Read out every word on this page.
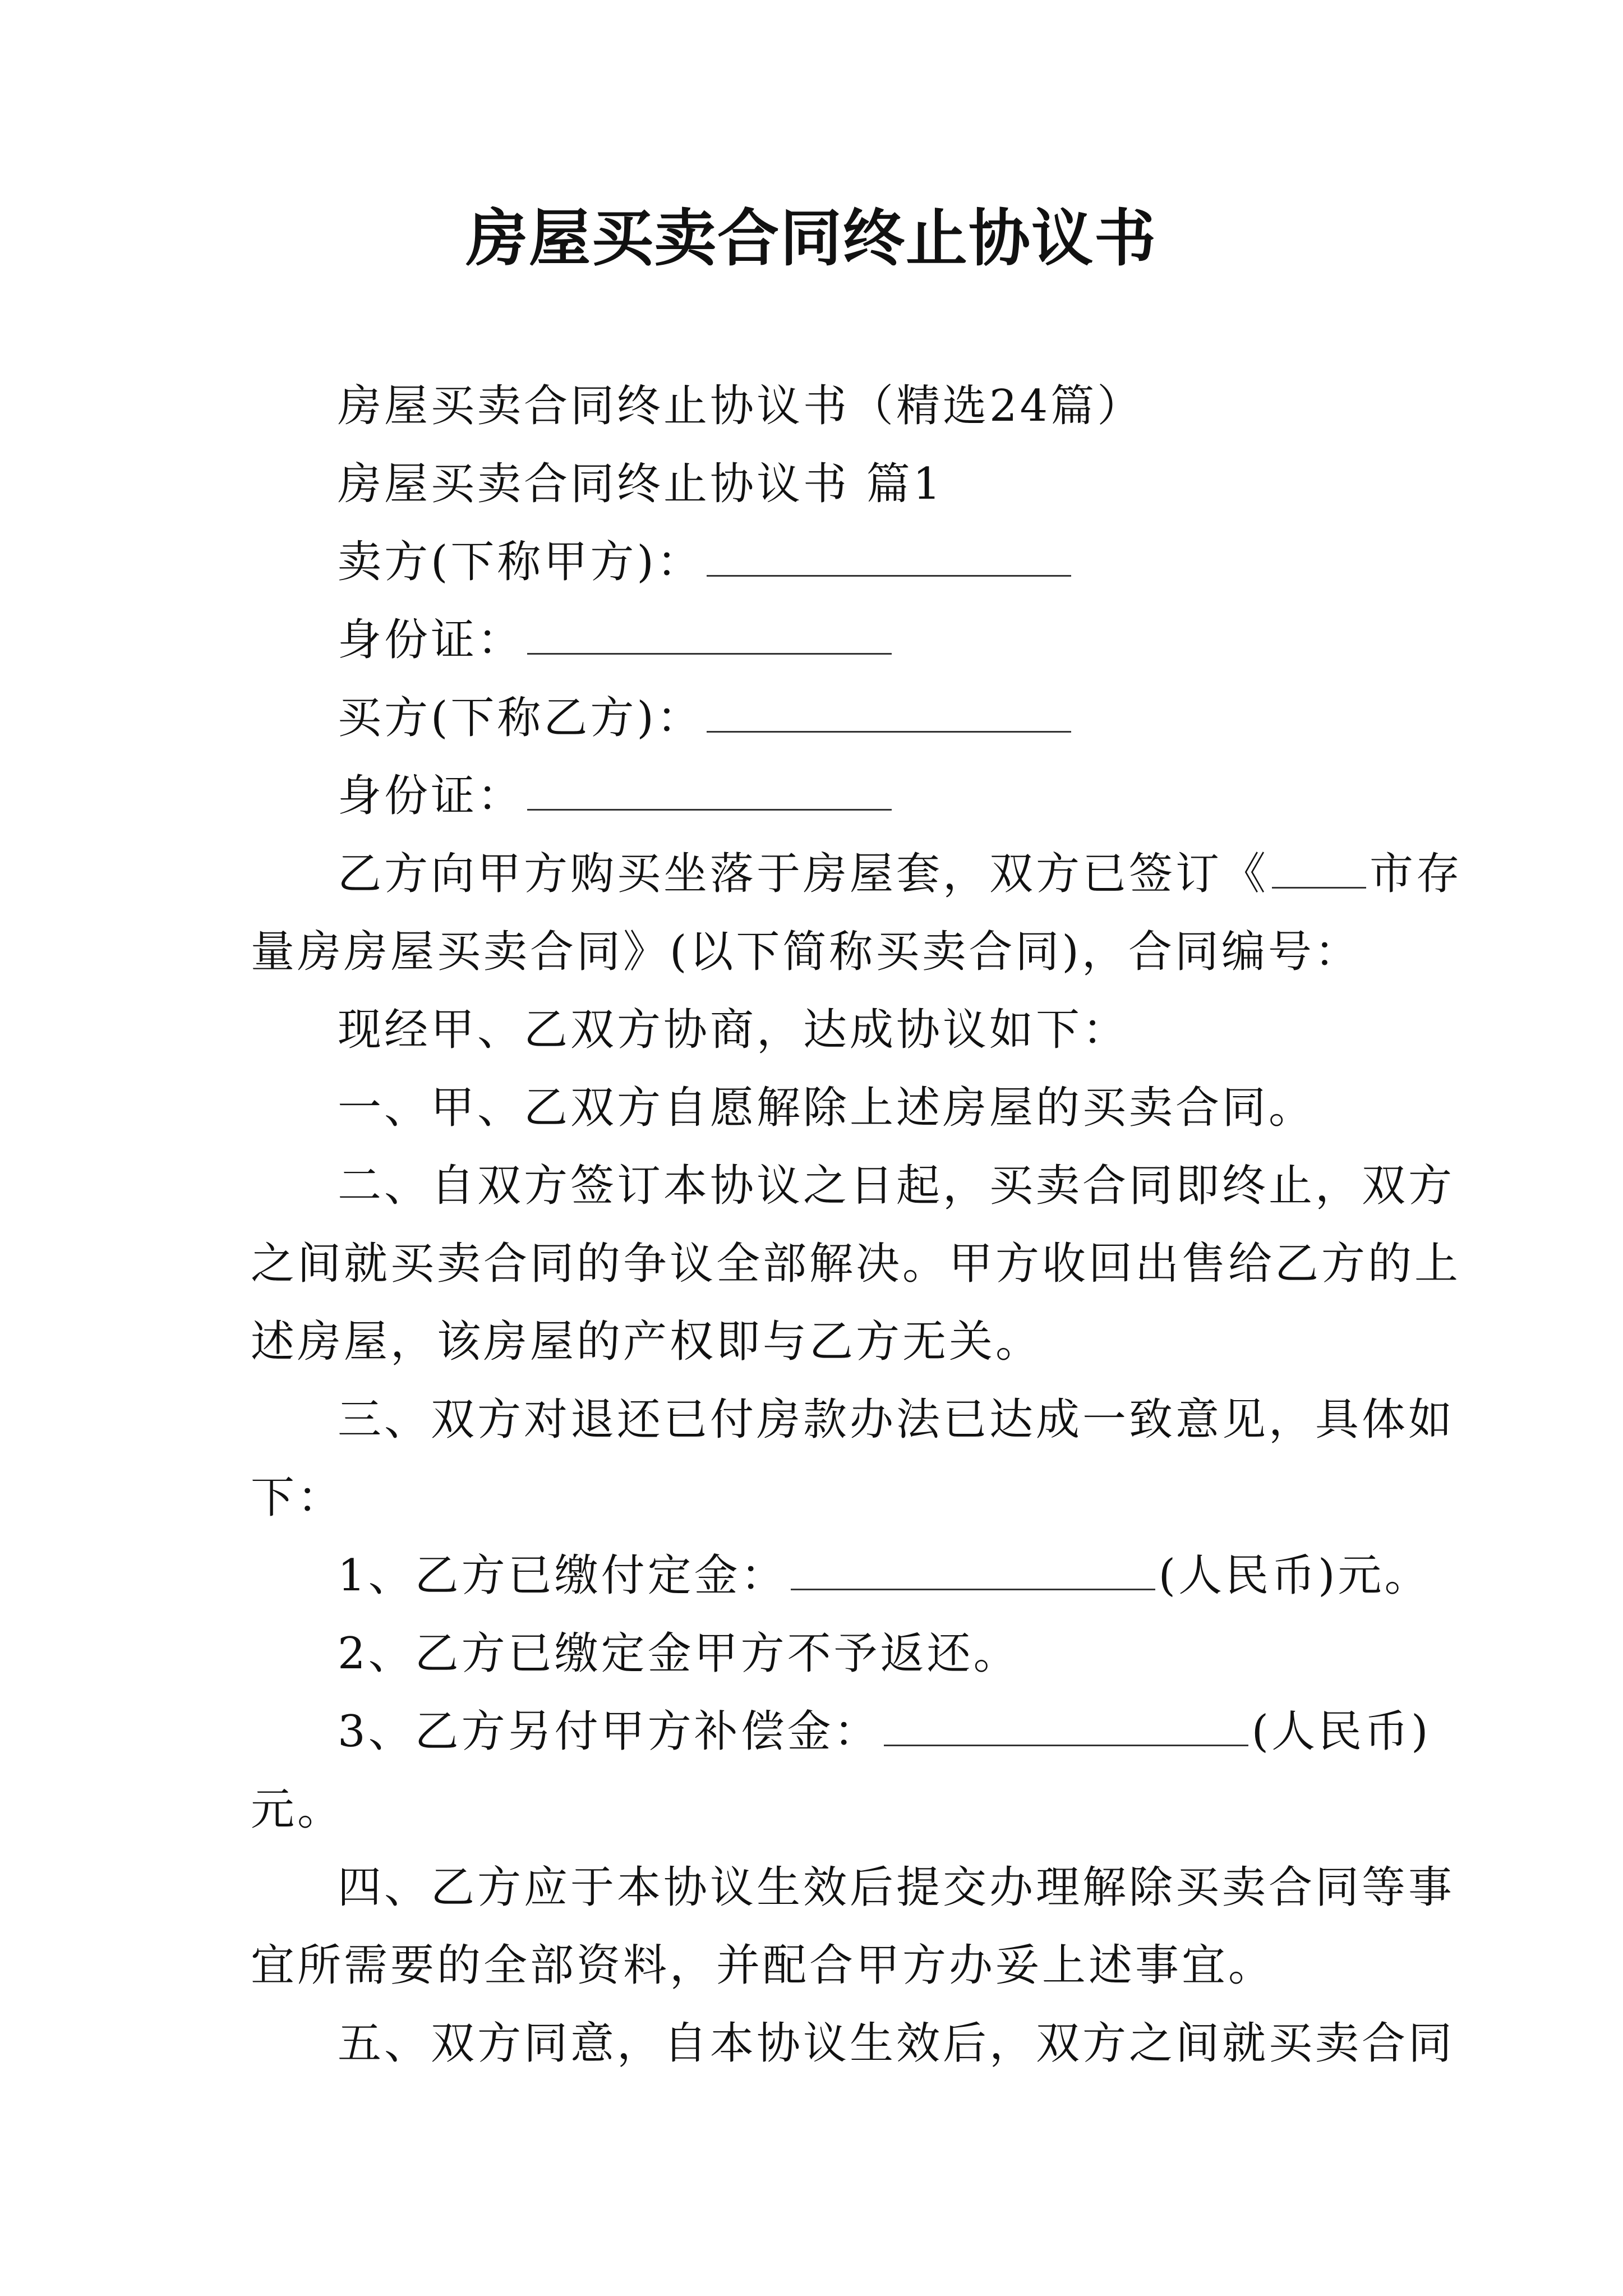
房屋买卖合同终止协议书
房屋买卖合同终止协议书（精选24篇）
房屋买卖合同终止协议书 篇1
卖方(下称甲方)：
身份证：
买方(下称乙方)：
身份证：
乙方向甲方购买坐落于房屋套，双方已签订《 市存
量房房屋买卖合同》(以下简称买卖合同)，合同编号：
现经甲、乙双方协商，达成协议如下：
一、甲、乙双方自愿解除上述房屋的买卖合同。
二、自双方签订本协议之日起，买卖合同即终止，双方
之间就买卖合同的争议全部解决。甲方收回出售给乙方的上
述房屋，该房屋的产权即与乙方无关。
三、双方对退还已付房款办法已达成一致意见，具体如
下：
1、乙方已缴付定金：	(人民币)元。
2、乙方已缴定金甲方不予返还。
3、乙方另付甲方补偿金：	(人民币)
元。
四、乙方应于本协议生效后提交办理解除买卖合同等事
宜所需要的全部资料，并配合甲方办妥上述事宜。
五、双方同意，自本协议生效后，双方之间就买卖合同
